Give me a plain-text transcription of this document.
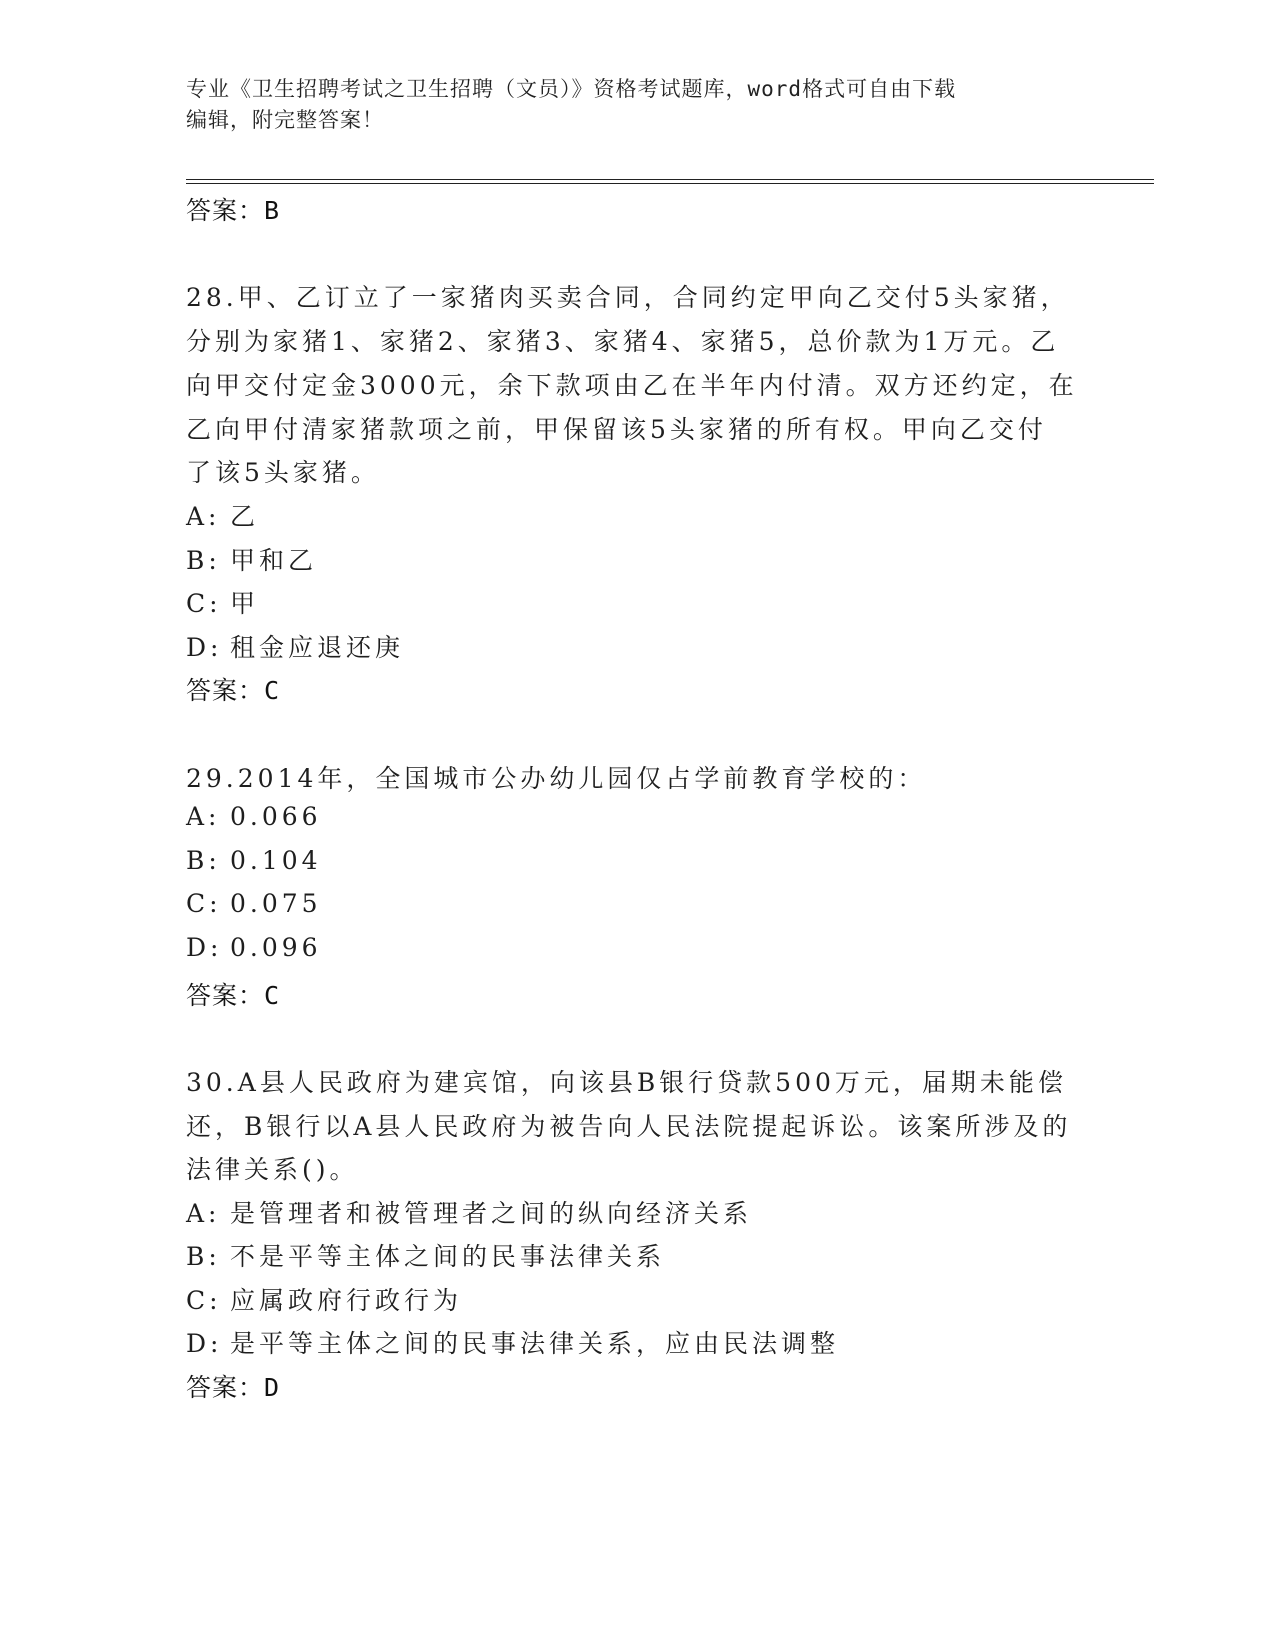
专业《卫生招聘考试之卫生招聘（文员）》资格考试题库，word格式可自由下载
编辑，附完整答案！
答案：B
28.甲、乙订立了一家猪肉买卖合同，合同约定甲向乙交付5头家猪，
分别为家猪1、家猪2、家猪3、家猪4、家猪5，总价款为1万元。乙
向甲交付定金3000元，余下款项由乙在半年内付清。双方还约定，在
乙向甲付清家猪款项之前，甲保留该5头家猪的所有权。甲向乙交付
了该5头家猪。
A: 乙
B: 甲和乙
C: 甲
D: 租金应退还庚
答案：C
29.2014年，全国城市公办幼儿园仅占学前教育学校的：
A: 0.066
B: 0.104
C: 0.075
D: 0.096
答案：C
30.A县人民政府为建宾馆，向该县B银行贷款500万元，届期未能偿
还，B银行以A县人民政府为被告向人民法院提起诉讼。该案所涉及的
法律关系()。
A: 是管理者和被管理者之间的纵向经济关系
B: 不是平等主体之间的民事法律关系
C: 应属政府行政行为
D: 是平等主体之间的民事法律关系，应由民法调整
答案：D
